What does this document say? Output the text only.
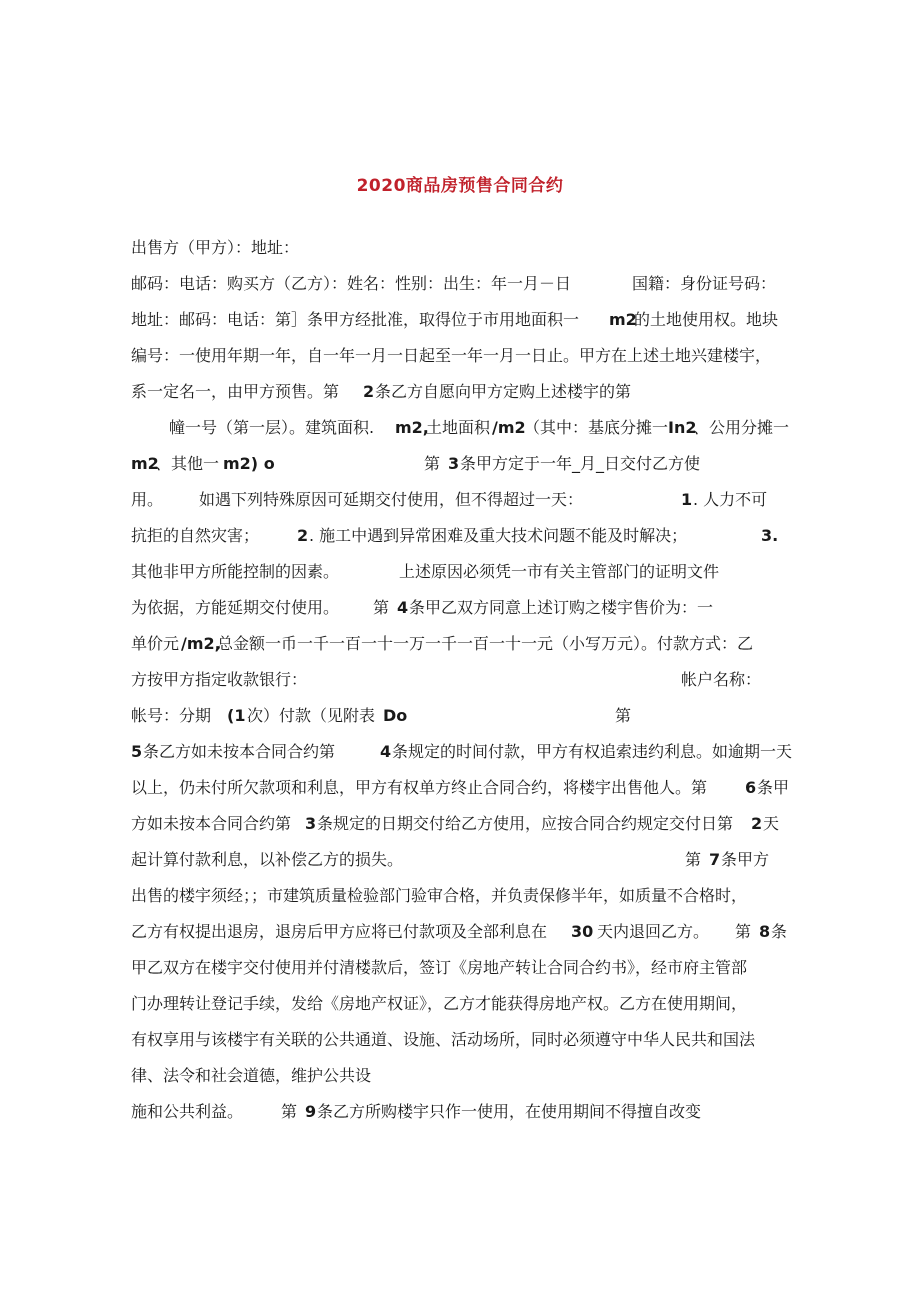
2020商品房预售合同合约
出售方（甲方）：地址：
邮码：电话：购买方（乙方）：姓名：性别：出生：年一月－日	国籍：身份证号码：
地址：邮码：电话：第］条甲方经批准，取得位于市用地面积一 m2
的土地使用权。地块
编号：一使用年期一年，自一年一月一日起至一年一月一日止。甲方在上述土地兴建楼宇，
系一定名一，由甲方预售。第 2 条乙方自愿向甲方定购上述楼宇的第
幢一号（第一层）。建筑面积. m2,
土地面积 /m2
（其中：基底分摊一 In2
、公用分摊一
m2
、其他一 m2) o	第 3 条甲方定于一年_月_日交付乙方使
用。 如遇下列特殊原因可延期交付使用，但不得超过一天：	1 . 人力不可
抗拒的自然灾害； 2 . 施工中遇到异常困难及重大技术问题不能及时解决；	3.
其他非甲方所能控制的因素。	上述原因必须凭一市有关主管部门的证明文件
为依据，方能延期交付使用。 第 4 条甲乙双方同意上述订购之楼宇售价为：一
单价元 /m2,
总金额一币一千一百一十一万一千一百一十一元（小写万元）。付款方式：乙
方按甲方指定收款银行：	帐户名称：
帐号：分期 (1 次）付款（见附表 Do	第
5 条乙方如未按本合同合约第	4 条规定的时间付款，甲方有权追索违约利息。如逾期一天
以上，仍未付所欠款项和利息，甲方有权单方终止合同合约，将楼宇出售他人。第 6 条甲
方如未按本合同合约第 3 条规定的日期交付给乙方使用，应按合同合约规定交付日第 2 天
起计算付款利息，以补偿乙方的损失。	第 7 条甲方
出售的楼宇须经；；市建筑质量检验部门验审合格，并负责保修半年，如质量不合格时，
乙方有权提出退房，退房后甲方应将已付款项及全部利息在 30 天内退回乙方。 第 8 条
甲乙双方在楼宇交付使用并付清楼款后，签订《房地产转让合同合约书》，经市府主管部
门办理转让登记手续，发给《房地产权证》，乙方才能获得房地产权。乙方在使用期间，
有权享用与该楼宇有关联的公共通道、设施、活动场所，同时必须遵守中华人民共和国法
律、法令和社会道德，维护公共设
施和公共利益。 第 9 条乙方所购楼宇只作一使用，在使用期间不得擅自改变
